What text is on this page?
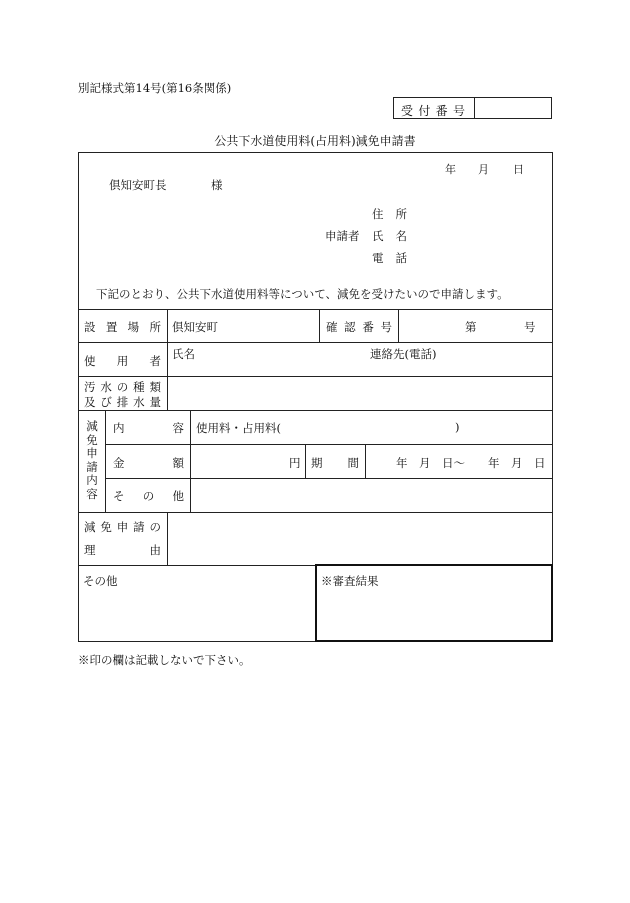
別記様式第14号(第16条関係)
受 付 番 号
公共下水道使用料(占用料)減免申請書
年 月 日
倶知安町長	様
住 所
申請者 氏 名
電 話
下記のとおり、公共下水道使用料等について、減免を受けたいので申請します。
設 置 場 所 倶知安町	確 認 番 号	第	号
使 用 者 氏名	連絡先(電話)
汚 水 の 種 類
及 び 排 水 量
減免申請内容
内	容 使用料・占用料(	)
金	額	円 期 間	年　月　日〜　　年　月　日
そ の 他
減 免 申 請 の
理	由
その他	※審査結果
※印の欄は記載しないで下さい。
